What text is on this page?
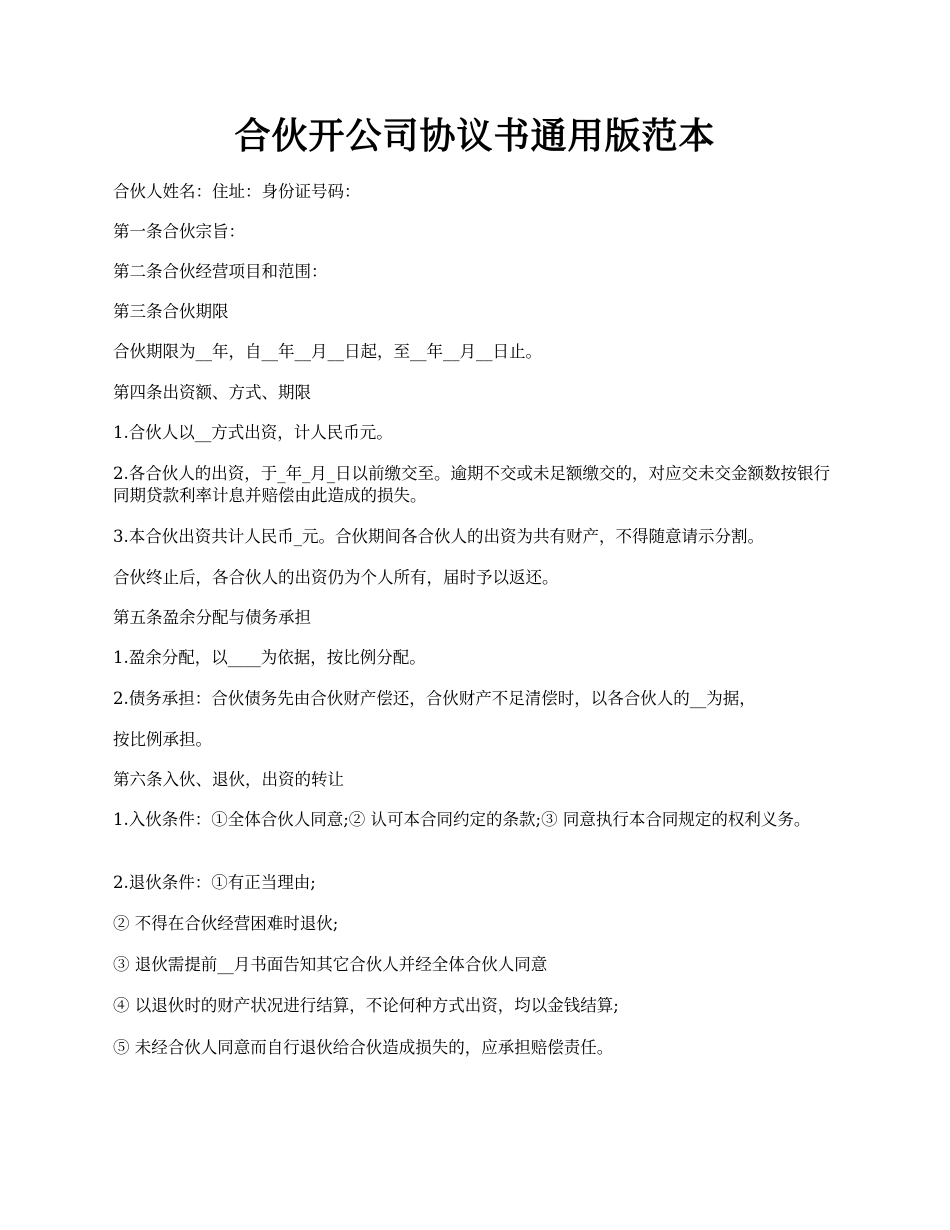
合伙开公司协议书通用版范本

合伙人姓名：住址：身份证号码：

第一条合伙宗旨：

第二条合伙经营项目和范围：

第三条合伙期限

合伙期限为__年，自__年__月__日起，至__年__月__日止。

第四条出资额、方式、期限

1.合伙人以__方式出资，计人民币元。

2.各合伙人的出资，于_年_月_日以前缴交至。逾期不交或未足额缴交的，对应交未交金额数按银行同期贷款利率计息并赔偿由此造成的损失。

3.本合伙出资共计人民币_元。合伙期间各合伙人的出资为共有财产，不得随意请示分割。

合伙终止后，各合伙人的出资仍为个人所有，届时予以返还。

第五条盈余分配与债务承担

1.盈余分配，以____为依据，按比例分配。

2.债务承担：合伙债务先由合伙财产偿还，合伙财产不足清偿时，以各合伙人的__为据，

按比例承担。

第六条入伙、退伙，出资的转让

1.入伙条件：①全体合伙人同意;② 认可本合同约定的条款;③ 同意执行本合同规定的权利义务。

2.退伙条件：①有正当理由;

② 不得在合伙经营困难时退伙;

③ 退伙需提前__月书面告知其它合伙人并经全体合伙人同意

④ 以退伙时的财产状况进行结算，不论何种方式出资，均以金钱结算;

⑤ 未经合伙人同意而自行退伙给合伙造成损失的，应承担赔偿责任。
